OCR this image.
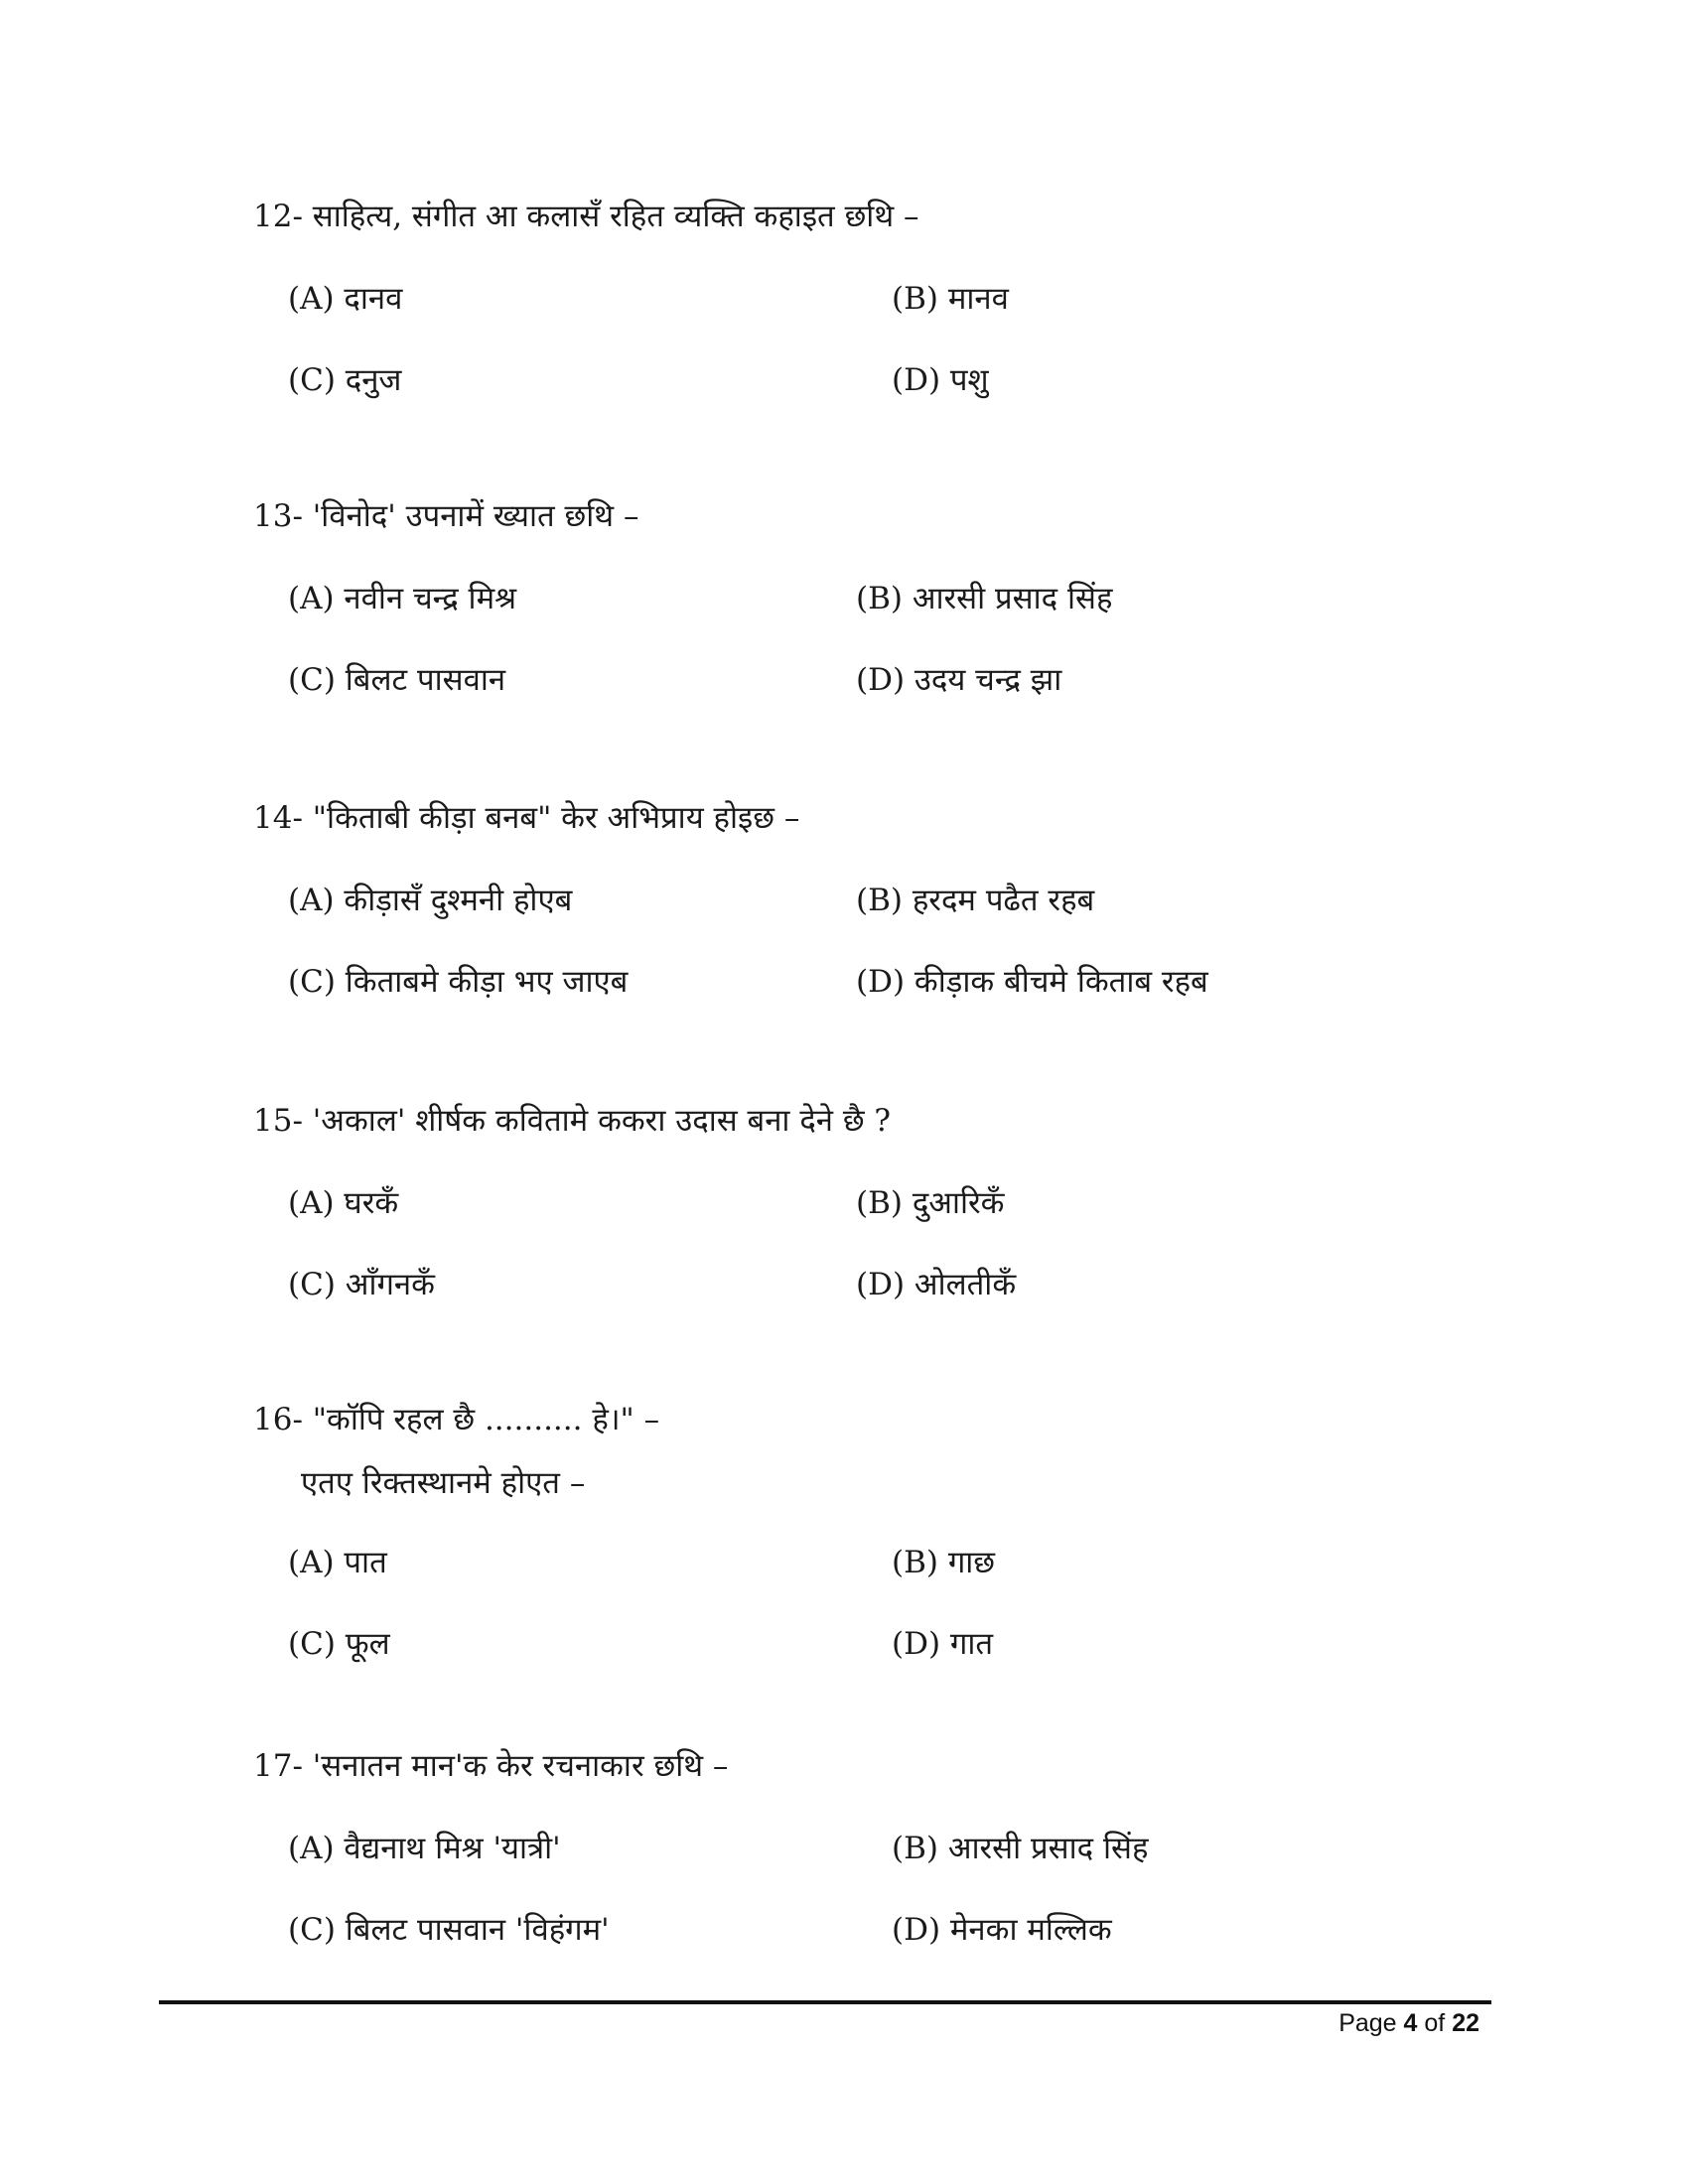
12- साहित्य, संगीत आ कलासँ रहित व्यक्ति कहाइत छथि –
(A) दानव	(B) मानव
(C) दनुज	(D) पशु
13- 'विनोद' उपनामें ख्यात छथि –
(A) नवीन चन्द्र मिश्र	(B) आरसी प्रसाद सिंह
(C) बिलट पासवान	(D) उदय चन्द्र झा
14- "किताबी कीड़ा बनब" केर अभिप्राय होइछ –
(A) कीड़ासँ दुश्मनी होएब	(B) हरदम पढैत रहब
(C) किताबमे कीड़ा भए जाएब	(D) कीड़ाक बीचमे किताब रहब
15- 'अकाल' शीर्षक कवितामे ककरा उदास बना देने छै ?
(A) घरकँ	(B) दुआरिकँ
(C) आँगनकँ	(D) ओलतीकँ
16- "कॉपि रहल छै .......... हे।" –
एतए रिक्तस्थानमे होएत –
(A) पात	(B) गाछ
(C) फूल	(D) गात
17- 'सनातन मान'क केर रचनाकार छथि –
(A) वैद्यनाथ मिश्र 'यात्री'	(B) आरसी प्रसाद सिंह
(C) बिलट पासवान 'विहंगम'	(D) मेनका मल्लिक
Page 4 of 22
